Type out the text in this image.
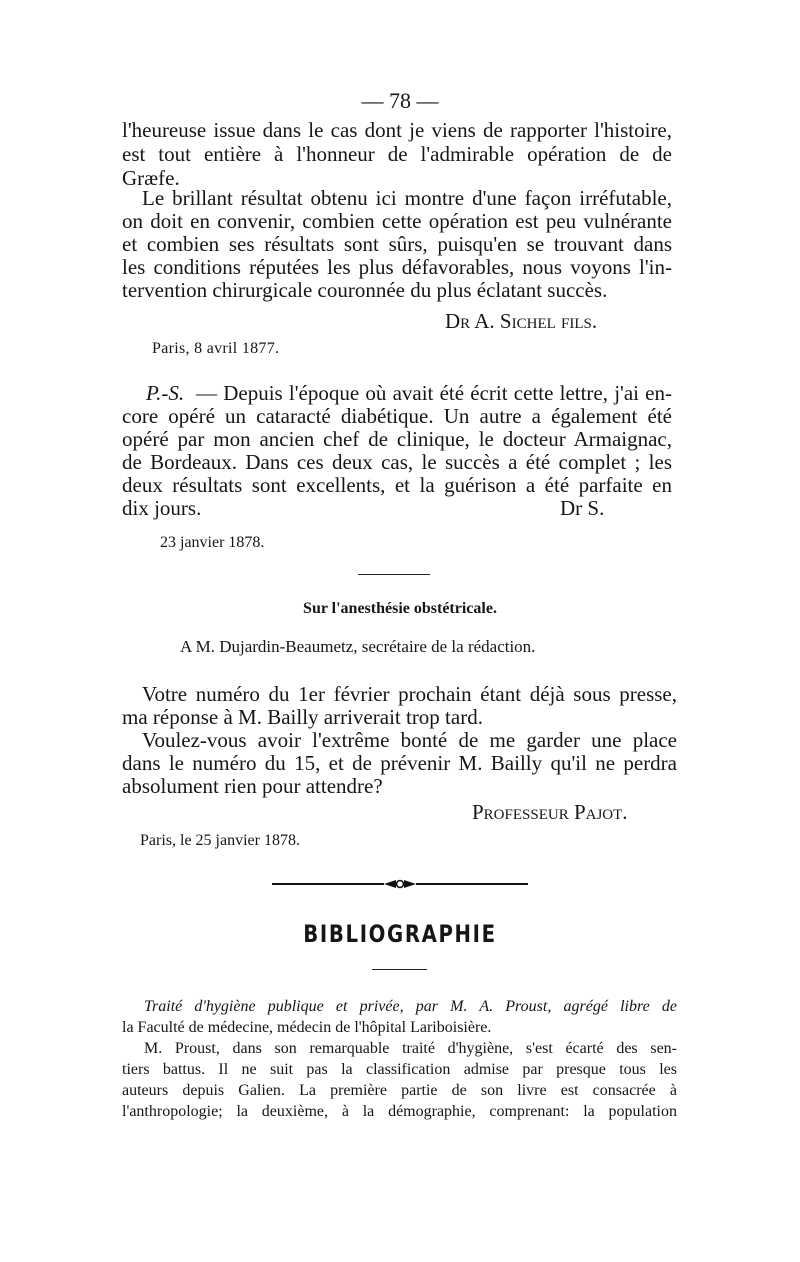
— 78 —
l'heureuse issue dans le cas dont je viens de rapporter l'histoire,
est tout entière à l'honneur de l'admirable opération de de
Græfe.
Le brillant résultat obtenu ici montre d'une façon irréfutable,
on doit en convenir, combien cette opération est peu vulnérante
et combien ses résultats sont sûrs, puisqu'en se trouvant dans
les conditions réputées les plus défavorables, nous voyons l'in-
tervention chirurgicale couronnée du plus éclatant succès.
Dr A. Sichel fils.
Paris, 8 avril 1877.
P.-S. — Depuis l'époque où avait été écrit cette lettre, j'ai en-
core opéré un cataracté diabétique. Un autre a également été
opéré par mon ancien chef de clinique, le docteur Armaignac,
de Bordeaux. Dans ces deux cas, le succès a été complet ; les
deux résultats sont excellents, et la guérison a été parfaite en
dix jours.	Dr S.
23 janvier 1878.
Sur l'anesthésie obstétricale.
A M. Dujardin-Beaumetz, secrétaire de la rédaction.
Votre numéro du 1er février prochain étant déjà sous presse,
ma réponse à M. Bailly arriverait trop tard.
Voulez-vous avoir l'extrême bonté de me garder une place
dans le numéro du 15, et de prévenir M. Bailly qu'il ne perdra
absolument rien pour attendre?
Professeur Pajot.
Paris, le 25 janvier 1878.
BIBLIOGRAPHIE
Traité d'hygiène publique et privée, par M. A. Proust, agrégé libre de
la Faculté de médecine, médecin de l'hôpital Lariboisière.
M. Proust, dans son remarquable traité d'hygiène, s'est écarté des sen-
tiers battus. Il ne suit pas la classification admise par presque tous les
auteurs depuis Galien. La première partie de son livre est consacrée à
l'anthropologie; la deuxième, à la démographie, comprenant: la population
